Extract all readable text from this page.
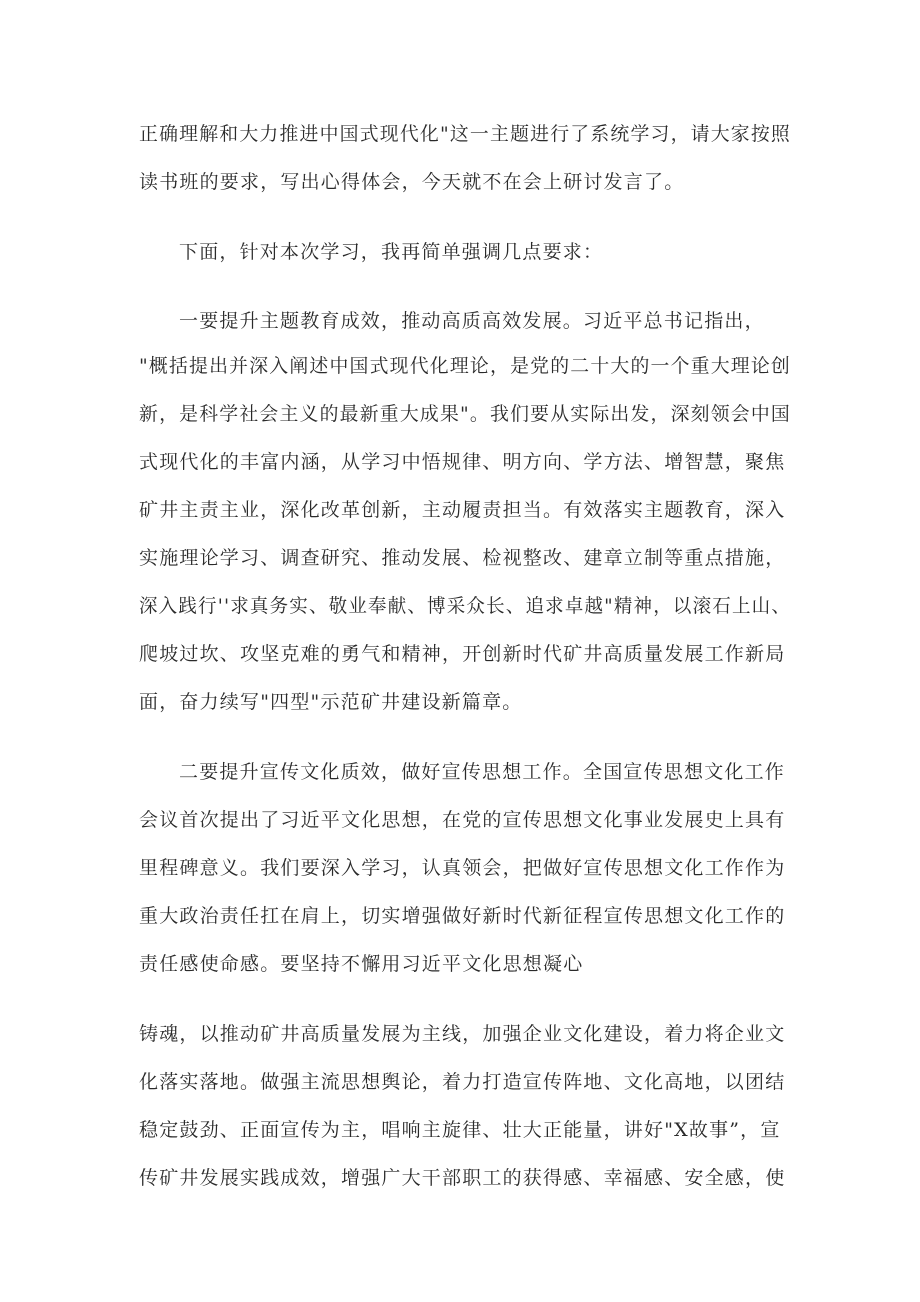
正确理解和大力推进中国式现代化"这一主题进行了系统学习，请大家按照
读书班的要求，写出心得体会，今天就不在会上研讨发言了。
下面，针对本次学习，我再简单强调几点要求：
一要提升主题教育成效，推动高质高效发展。习近平总书记指出，
"概括提出并深入阐述中国式现代化理论，是党的二十大的一个重大理论创
新，是科学社会主义的最新重大成果"。我们要从实际出发，深刻领会中国
式现代化的丰富内涵，从学习中悟规律、明方向、学方法、增智慧，聚焦
矿井主责主业，深化改革创新，主动履责担当。有效落实主题教育，深入
实施理论学习、调查研究、推动发展、检视整改、建章立制等重点措施，
深入践行''求真务实、敬业奉献、博采众长、追求卓越"精神，以滚石上山、
爬坡过坎、攻坚克难的勇气和精神，开创新时代矿井高质量发展工作新局
面，奋力续写"四型"示范矿井建设新篇章。
二要提升宣传文化质效，做好宣传思想工作。全国宣传思想文化工作
会议首次提出了习近平文化思想，在党的宣传思想文化事业发展史上具有
里程碑意义。我们要深入学习，认真领会，把做好宣传思想文化工作作为
重大政治责任扛在肩上，切实增强做好新时代新征程宣传思想文化工作的
责任感使命感。要坚持不懈用习近平文化思想凝心
铸魂，以推动矿井高质量发展为主线，加强企业文化建设，着力将企业文
化落实落地。做强主流思想舆论，着力打造宣传阵地、文化高地，以团结
稳定鼓劲、正面宣传为主，唱响主旋律、壮大正能量，讲好"X故事”，宣
传矿井发展实践成效，增强广大干部职工的获得感、幸福感、安全感，使
